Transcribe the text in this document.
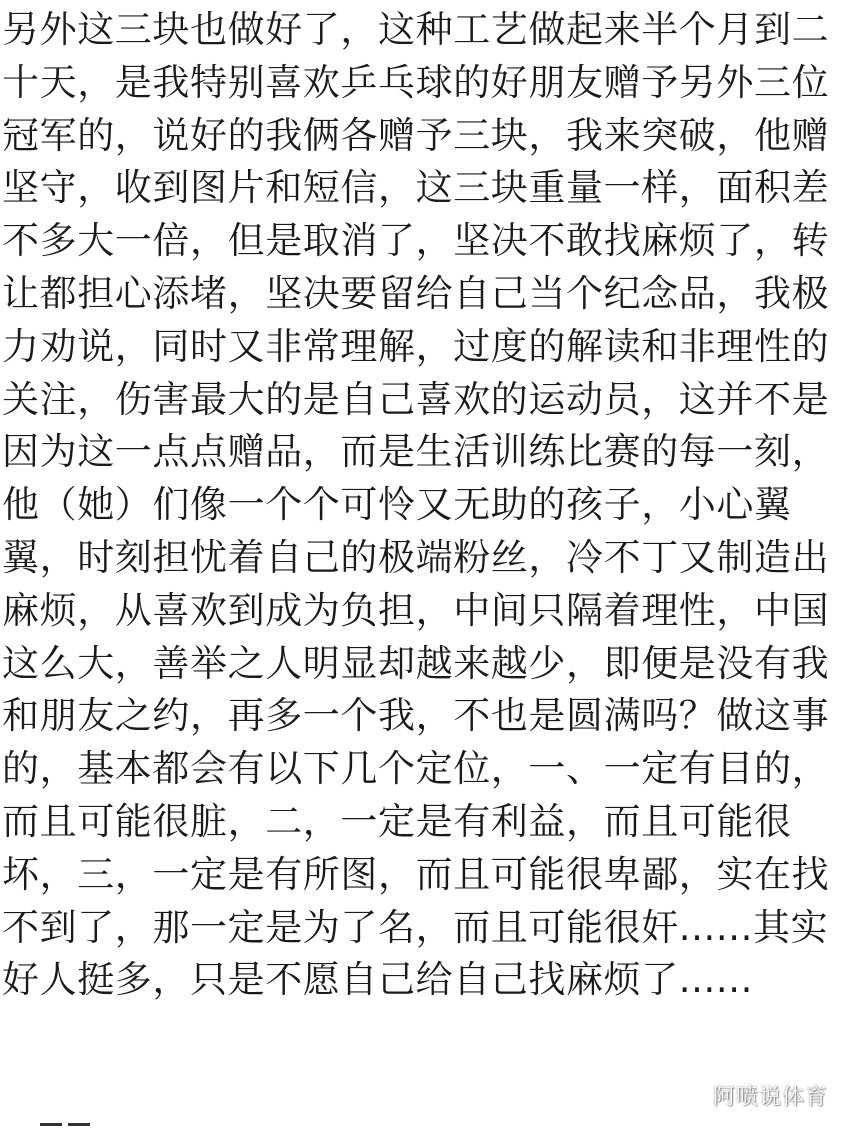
另外这三块也做好了，这种工艺做起来半个月到二
十天，是我特别喜欢乒乓球的好朋友赠予另外三位
冠军的，说好的我俩各赠予三块，我来突破，他赠
坚守，收到图片和短信，这三块重量一样，面积差
不多大一倍，但是取消了，坚决不敢找麻烦了，转
让都担心添堵，坚决要留给自己当个纪念品，我极
力劝说，同时又非常理解，过度的解读和非理性的
关注，伤害最大的是自己喜欢的运动员，这并不是
因为这一点点赠品，而是生活训练比赛的每一刻，
他（她）们像一个个可怜又无助的孩子，小心翼
翼，时刻担忧着自己的极端粉丝，冷不丁又制造出
麻烦，从喜欢到成为负担，中间只隔着理性，中国
这么大，善举之人明显却越来越少，即便是没有我
和朋友之约，再多一个我，不也是圆满吗？做这事
的，基本都会有以下几个定位，一、一定有目的，
而且可能很脏，二，一定是有利益，而且可能很
坏，三，一定是有所图，而且可能很卑鄙，实在找
不到了，那一定是为了名，而且可能很奸......其实
好人挺多，只是不愿自己给自己找麻烦了......
阿喷说体育
